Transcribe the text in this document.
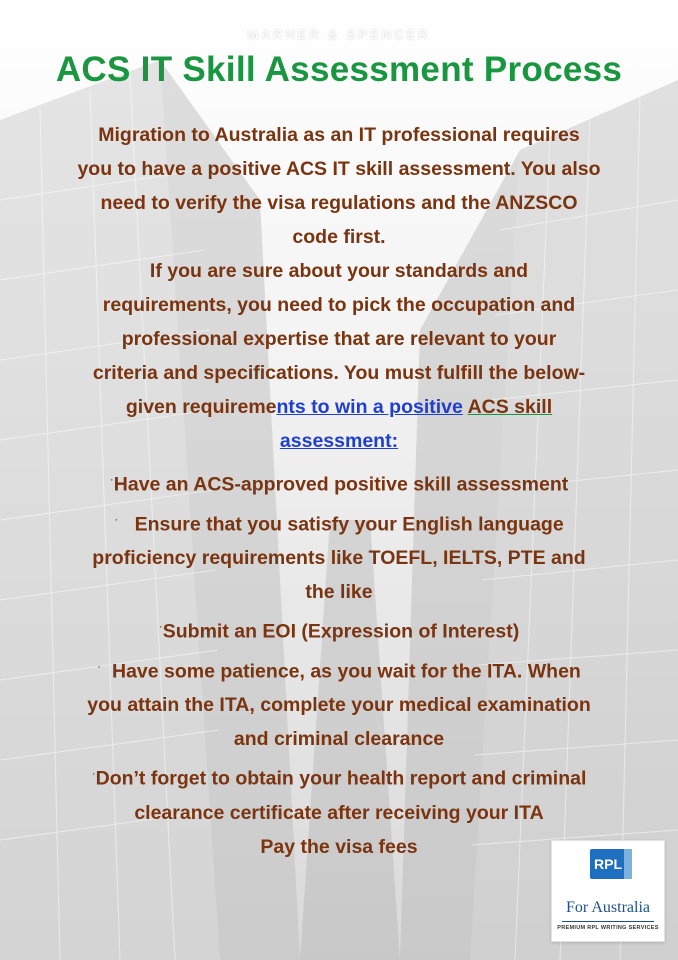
MARNER & SPENCER
ACS IT Skill Assessment Process

Migration to Australia as an IT professional requires

you to have a positive ACS IT skill assessment. You also

need to verify the visa regulations and the ANZSCO

code first.

If you are sure about your standards and

requirements, you need to pick the occupation and

professional expertise that are relevant to your

criteria and specifications. You must fulfill the below-

given requirements to win a positive ACS skill

assessment:

·Have an ACS-approved positive skill assessment

· Ensure that you satisfy your English language

proficiency requirements like TOEFL, IELTS, PTE and

the like

·Submit an EOI (Expression of Interest)

· Have some patience, as you wait for the ITA. When

you attain the ITA, complete your medical examination

and criminal clearance

·Don’t forget to obtain your health report and criminal

clearance certificate after receiving your ITA

Pay the visa fees

RPL
For Australia
PREMIUM RPL WRITING SERVICES
